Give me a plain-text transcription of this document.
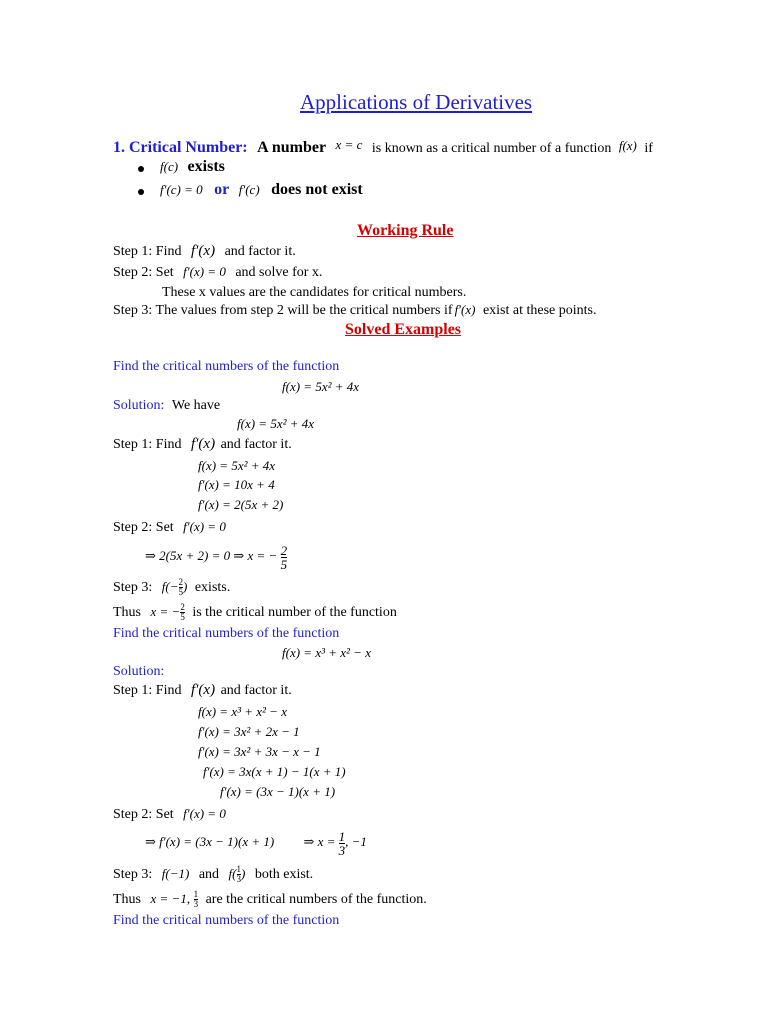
Applications of Derivatives
1. Critical Number: A number x = c is known as a critical number of a function f(x) if
f(c) exists
f′(c) = 0 or f′(c) does not exist
Working Rule
Step 1: Find f′(x) and factor it.
Step 2: Set f′(x) = 0 and solve for x.
These x values are the candidates for critical numbers.
Step 3: The values from step 2 will be the critical numbers if f′(x) exist at these points.
Solved Examples
Find the critical numbers of the function
f(x) = 5x² + 4x
Solution: We have
f(x) = 5x² + 4x
Step 1: Find f′(x) and factor it.
f(x) = 5x² + 4x
f′(x) = 10x + 4
f′(x) = 2(5x + 2)
Step 2: Set f′(x) = 0
⇒ 2(5x + 2) = 0 ⇒ x = − $\frac{2}{5}$
Step 3: $f(- \frac{2}{5}$ ) exists.
Thus x = − $\frac{2}{5}$ is the critical number of the function
Find the critical numbers of the function
f(x) = x³ + x² − x
Solution:
Step 1: Find f′(x) and factor it.
f(x) = x³ + x² − x
f′(x) = 3x² + 2x − 1
f′(x) = 3x² + 3x − x − 1
f′(x) = 3x(x + 1) − 1(x + 1)
f′(x) = (3x − 1)(x + 1)
Step 2: Set f′(x) = 0
⇒ f′(x) = (3x − 1)(x + 1) ⇒ $x = \frac{1}{3}$ , −1
Step 3: f(−1) and $f( \frac{1}{3}$ ) both exist.
Thus x = −1, $\frac{1}{3}$ are the critical numbers of the function.
Find the critical numbers of the function
